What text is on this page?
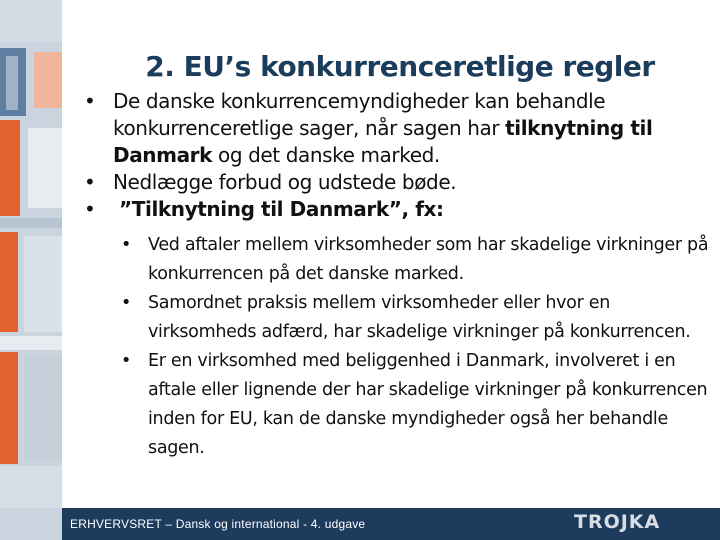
2. EU’s konkurrenceretlige regler
• De danske konkurrencemyndigheder kan behandle konkurrenceretlige sager, når sagen har tilknytning til Danmark og det danske marked.
• Nedlægge forbud og udstede bøde.
• ”Tilknytning til Danmark”, fx:
• Ved aftaler mellem virksomheder som har skadelige virkninger på konkurrencen på det danske marked.
• Samordnet praksis mellem virksomheder eller hvor en virksomheds adfærd, har skadelige virkninger på konkurrencen.
• Er en virksomhed med beliggenhed i Danmark, involveret i en aftale eller lignende der har skadelige virkninger på konkurrencen inden for EU, kan de danske myndigheder også her behandle sagen.
ERHVERVSRET – Dansk og international - 4. udgave	TROJKA
